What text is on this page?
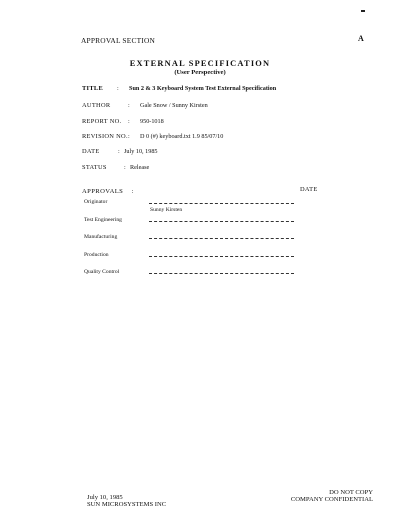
APPROVAL SECTION	A
EXTERNAL SPECIFICATION
(User Perspective)
TITLE : Sun 2 & 3 Keyboard System Test External Specification
AUTHOR	: Gale Snow / Sunny Kirsten
REPORT NO. : 950-1018
REVISION NO. : D 0 (#) keyboard.txt 1.9 85/07/10
DATE	: July 10, 1985
STATUS	: Release
APPROVALS :	DATE
Originator
Sunny Kirsten
Test Engineering
Manufacturing
Production
Quality Control
July 10, 1985
SUN MICROSYSTEMS INC
DO NOT COPY
COMPANY CONFIDENTIAL
